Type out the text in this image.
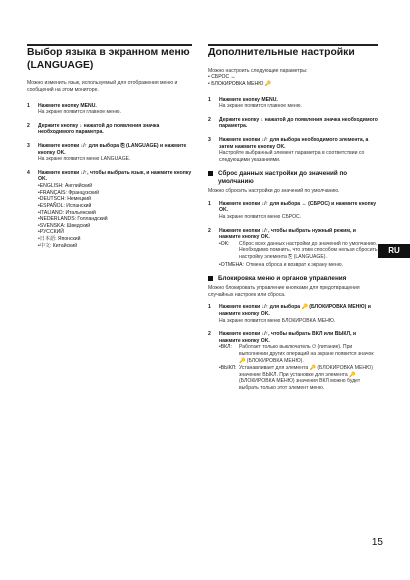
Выбор языка в экранном меню
(LANGUAGE)

Можно изменить язык, используемый для отображения меню и сообщений на этом мониторе.

1 Нажмите кнопку MENU.
На экране появится главное меню.
2 Держите кнопку ↓ нажатой до появления значка необходимого параметра.
3 Нажмите кнопки ↓/↑ для выбора ⎘ (LANGUAGE) и нажмите кнопку OK.
На экране появится меню LANGUAGE.
4 Нажмите кнопки ↓/↑, чтобы выбрать язык, и нажмите кнопку OK.
•ENGLISH: Английский
•FRANÇAIS: Французский
•DEUTSCH: Немецкий
•ESPAÑOL: Испанский
•ITALIANO: Итальянский
•NEDERLANDS: Голландский
•SVENSKA: Шведский
•РУССКИЙ
•日本語: Японский
•中文: Китайский
Дополнительные настройки
Можно настроить следующие параметры:
• СБРОС ↔
• БЛОКИРОВКА МЕНЮ 🔑
1 Нажмите кнопку MENU.
На экране появится главное меню.
2 Держите кнопку ↓ нажатой до появления значка необходимого параметра.
3 Нажмите кнопки ↓/↑ для выбора необходимого элемента, а затем нажмите кнопку OK.
Настройте выбранный элемент параметра в соответствии со следующими указаниями.
Сброс данных настройки до значений по умолчанию
Можно сбросить настройки до значений по умолчанию.
1 Нажмите кнопки ↓/↑ для выбора ↔ (СБРОС) и нажмите кнопку OK.
На экране появится меню СБРОС.
2 Нажмите кнопки ↓/↑, чтобы выбрать нужный режим, и нажмите кнопку OK.
•OK:	Сброс всех данных настройки до значений по умолчанию. Необходимо помнить, что этим способом нельзя сбросить настройку элемента ⎘ (LANGUAGE).
•ОТМЕНА: Отмена сброса и возврат к экрану меню.
Блокировка меню и органов управления
Можно блокировать управление кнопками для предотвращения случайных настроек или сброса.
1 Нажмите кнопки ↓/↑ для выбора 🔑 (БЛОКИРОВКА МЕНЮ) и нажмите кнопку OK.
На экране появится меню БЛОКИРОВКА МЕНЮ.
2 Нажмите кнопки ↓/↑, чтобы выбрать ВКЛ или ВЫКЛ, и нажмите кнопку OK.
•ВКЛ:	Работает только выключатель ⏻ (питание). При выполнении других операций на экране появится значок 🔑 (БЛОКИРОВКА МЕНЮ).
•ВЫКЛ: Устанавливает для элемента 🔑 (БЛОКИРОВКА МЕНЮ) значение ВЫКЛ. При установке для элемента 🔑 (БЛОКИРОВКА МЕНЮ) значения ВКЛ можно будет выбрать только этот элемент меню.
RU
15
